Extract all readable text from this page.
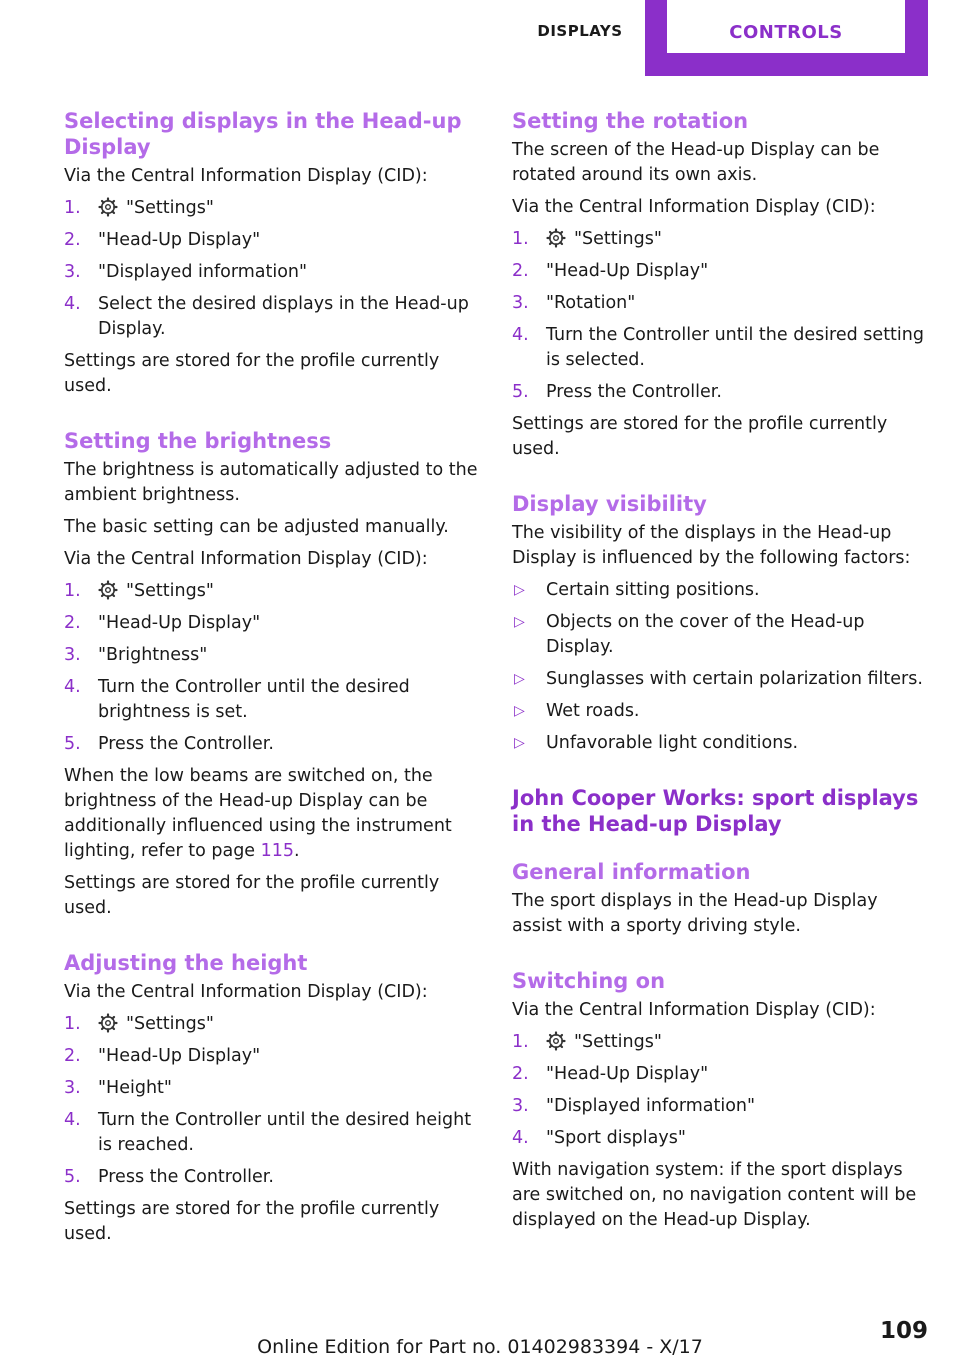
DISPLAYS	CONTROLS
Selecting displays in the Head-up Display

Via the Central Information Display (CID):

1.	"Settings"
2. "Head-Up Display"
3. "Displayed information"
4. Select the desired displays in the Head-up Display.

Settings are stored for the profile currently used.

Setting the brightness

The brightness is automatically adjusted to the ambient brightness.

The basic setting can be adjusted manually.

Via the Central Information Display (CID):

1.	"Settings"
2. "Head-Up Display"
3. "Brightness"
4. Turn the Controller until the desired brightness is set.
5. Press the Controller.

When the low beams are switched on, the brightness of the Head-up Display can be additionally influenced using the instrument lighting, refer to page 115.

Settings are stored for the profile currently used.

Adjusting the height

Via the Central Information Display (CID):

1.	"Settings"
2. "Head-Up Display"
3. "Height"
4. Turn the Controller until the desired height is reached.
5. Press the Controller.

Settings are stored for the profile currently used.

Setting the rotation

The screen of the Head-up Display can be rotated around its own axis.

Via the Central Information Display (CID):

1.	"Settings"
2. "Head-Up Display"
3. "Rotation"
4. Turn the Controller until the desired setting is selected.
5. Press the Controller.

Settings are stored for the profile currently used.

Display visibility

The visibility of the displays in the Head-up Display is influenced by the following factors:

▷ Certain sitting positions.
▷ Objects on the cover of the Head-up Display.
▷ Sunglasses with certain polarization filters.
▷ Wet roads.
▷ Unfavorable light conditions.
John Cooper Works: sport displays in the Head-up Display
General information

The sport displays in the Head-up Display assist with a sporty driving style.

Switching on

Via the Central Information Display (CID):

1.	"Settings"
2. "Head-Up Display"
3. "Displayed information"
4. "Sport displays"

With navigation system: if the sport displays are switched on, no navigation content will be displayed on the Head-up Display.

109
Online Edition for Part no. 01402983394 - X/17
